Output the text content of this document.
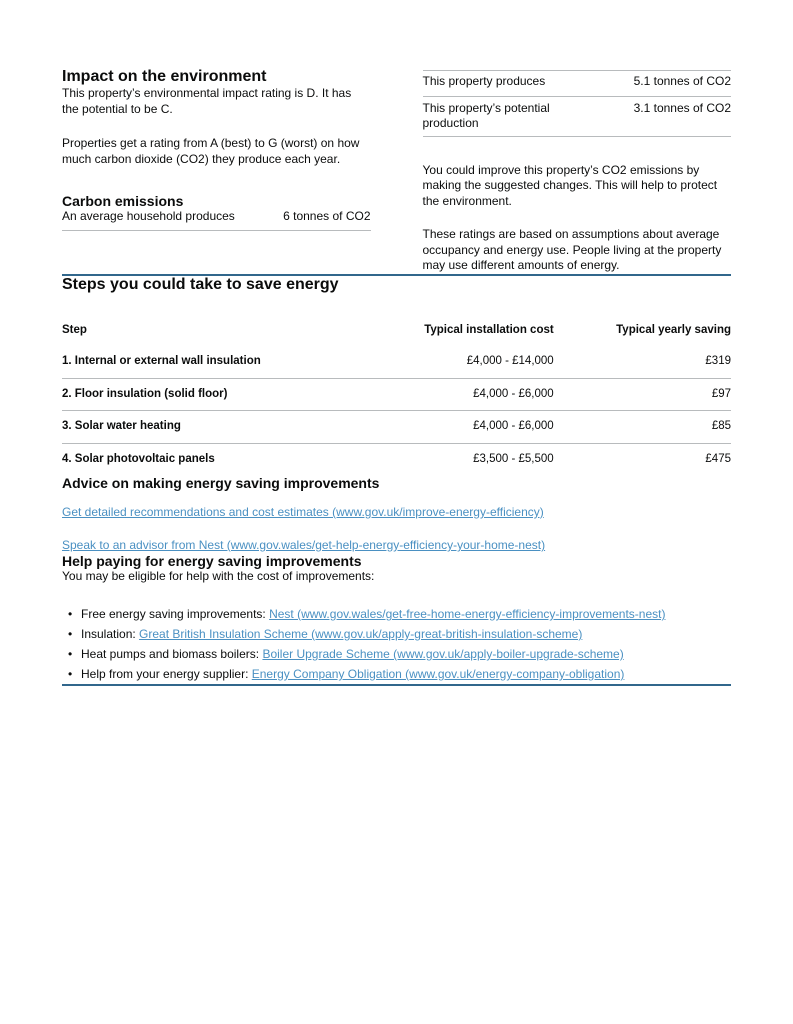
Impact on the environment

This property’s environmental impact rating is D. It has the potential to be C.

Properties get a rating from A (best) to G (worst) on how much carbon dioxide (CO2) they produce each year.

Carbon emissions
An average household produces	6 tonnes of CO2
This property produces	5.1 tonnes of CO2
This property’s potential production	3.1 tonnes of CO2

You could improve this property’s CO2 emissions by making the suggested changes. This will help to protect the environment.

These ratings are based on assumptions about average occupancy and energy use. People living at the property may use different amounts of energy.

Steps you could take to save energy
Step	Typical installation cost	Typical yearly saving
1. Internal or external wall insulation	£4,000 - £14,000	£319
2. Floor insulation (solid floor)	£4,000 - £6,000	£97
3. Solar water heating	£4,000 - £6,000	£85
4. Solar photovoltaic panels	£3,500 - £5,500	£475
Advice on making energy saving improvements

Get detailed recommendations and cost estimates (www.gov.uk/improve-energy-efficiency)

Speak to an advisor from Nest (www.gov.wales/get-help-energy-efficiency-your-home-nest)

Help paying for energy saving improvements

You may be eligible for help with the cost of improvements:

• Free energy saving improvements: Nest (www.gov.wales/get-free-home-energy-efficiency-improvements-nest)
• Insulation: Great British Insulation Scheme (www.gov.uk/apply-great-british-insulation-scheme)
• Heat pumps and biomass boilers: Boiler Upgrade Scheme (www.gov.uk/apply-boiler-upgrade-scheme)
• Help from your energy supplier: Energy Company Obligation (www.gov.uk/energy-company-obligation)
